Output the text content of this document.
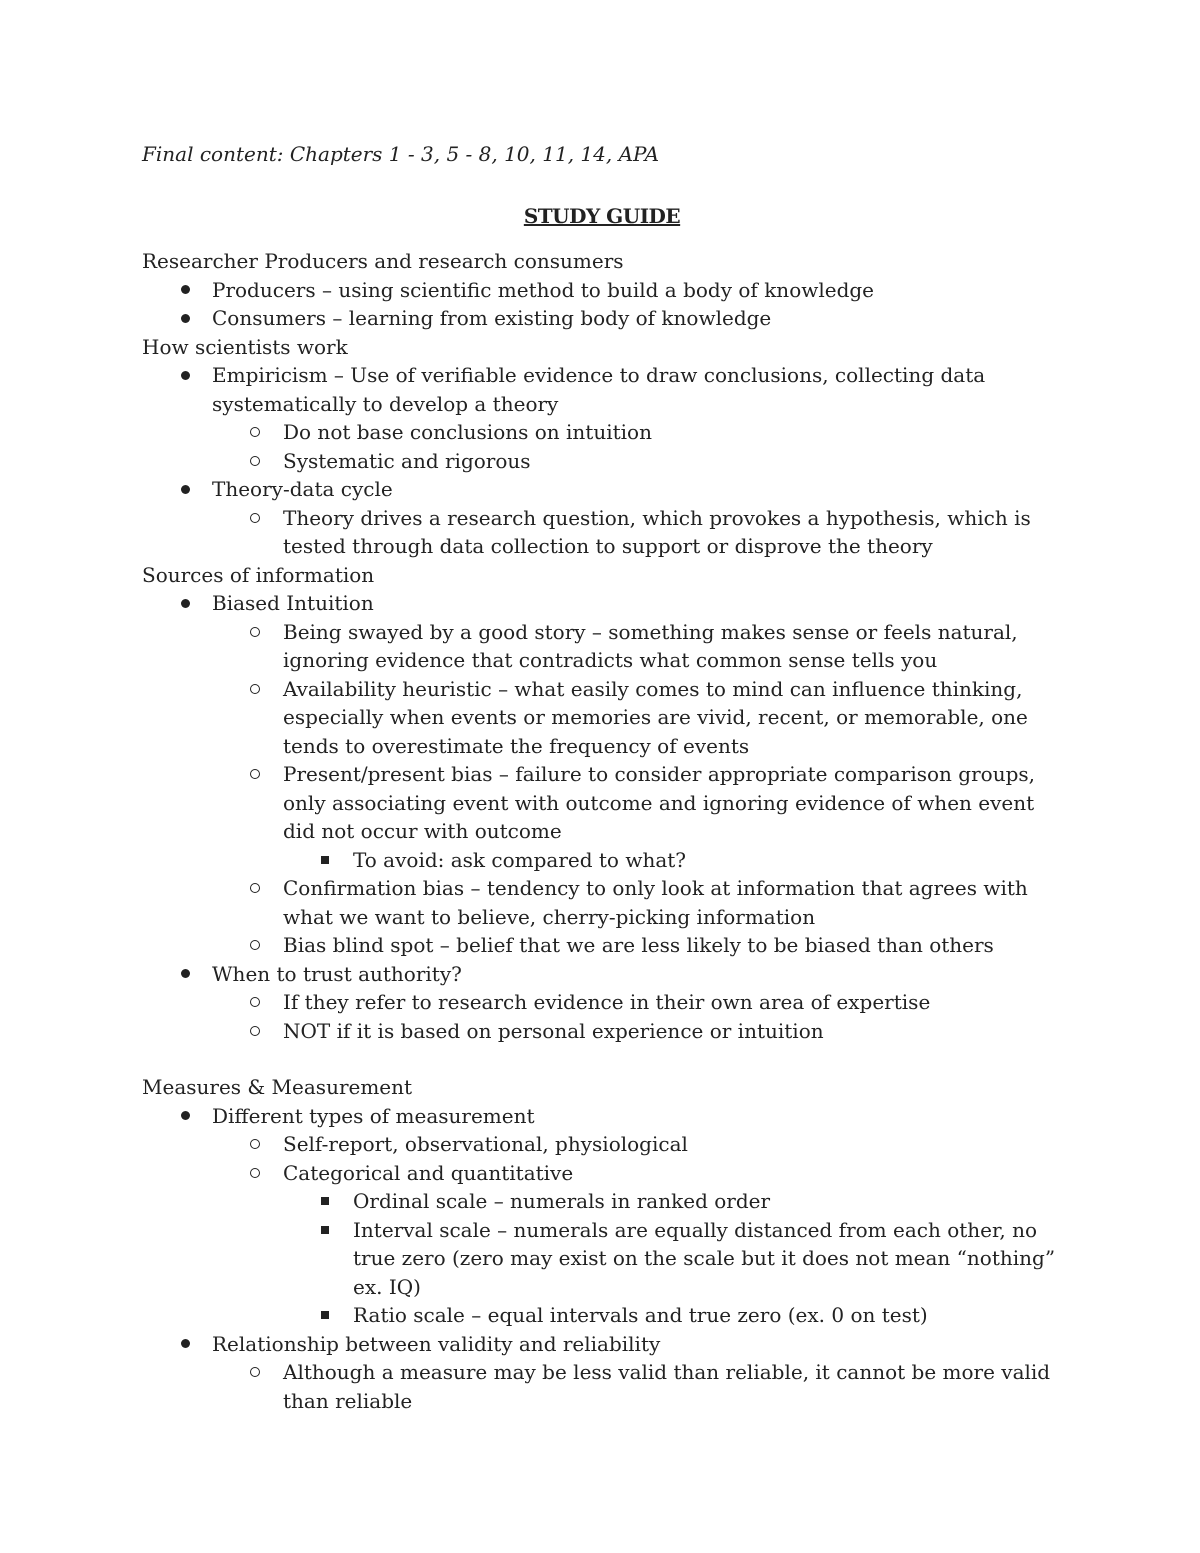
Final content: Chapters 1 - 3, 5 - 8, 10, 11, 14, APA

STUDY GUIDE

Researcher Producers and research consumers

Producers – using scientific method to build a body of knowledge
Consumers – learning from existing body of knowledge

How scientists work

Empiricism – Use of verifiable evidence to draw conclusions, collecting data systematically to develop a theory
Do not base conclusions on intuition
Systematic and rigorous
Theory-data cycle
Theory drives a research question, which provokes a hypothesis, which is tested through data collection to support or disprove the theory

Sources of information

Biased Intuition
Being swayed by a good story – something makes sense or feels natural, ignoring evidence that contradicts what common sense tells you
Availability heuristic – what easily comes to mind can influence thinking, especially when events or memories are vivid, recent, or memorable, one tends to overestimate the frequency of events
Present/present bias – failure to consider appropriate comparison groups, only associating event with outcome and ignoring evidence of when event did not occur with outcome
To avoid: ask compared to what?
Confirmation bias – tendency to only look at information that agrees with what we want to believe, cherry-picking information
Bias blind spot – belief that we are less likely to be biased than others
When to trust authority?
If they refer to research evidence in their own area of expertise
NOT if it is based on personal experience or intuition

Measures & Measurement

Different types of measurement
Self-report, observational, physiological
Categorical and quantitative
Ordinal scale – numerals in ranked order
Interval scale – numerals are equally distanced from each other, no true zero (zero may exist on the scale but it does not mean “nothing” ex. IQ)
Ratio scale – equal intervals and true zero (ex. 0 on test)
Relationship between validity and reliability
Although a measure may be less valid than reliable, it cannot be more valid than reliable
